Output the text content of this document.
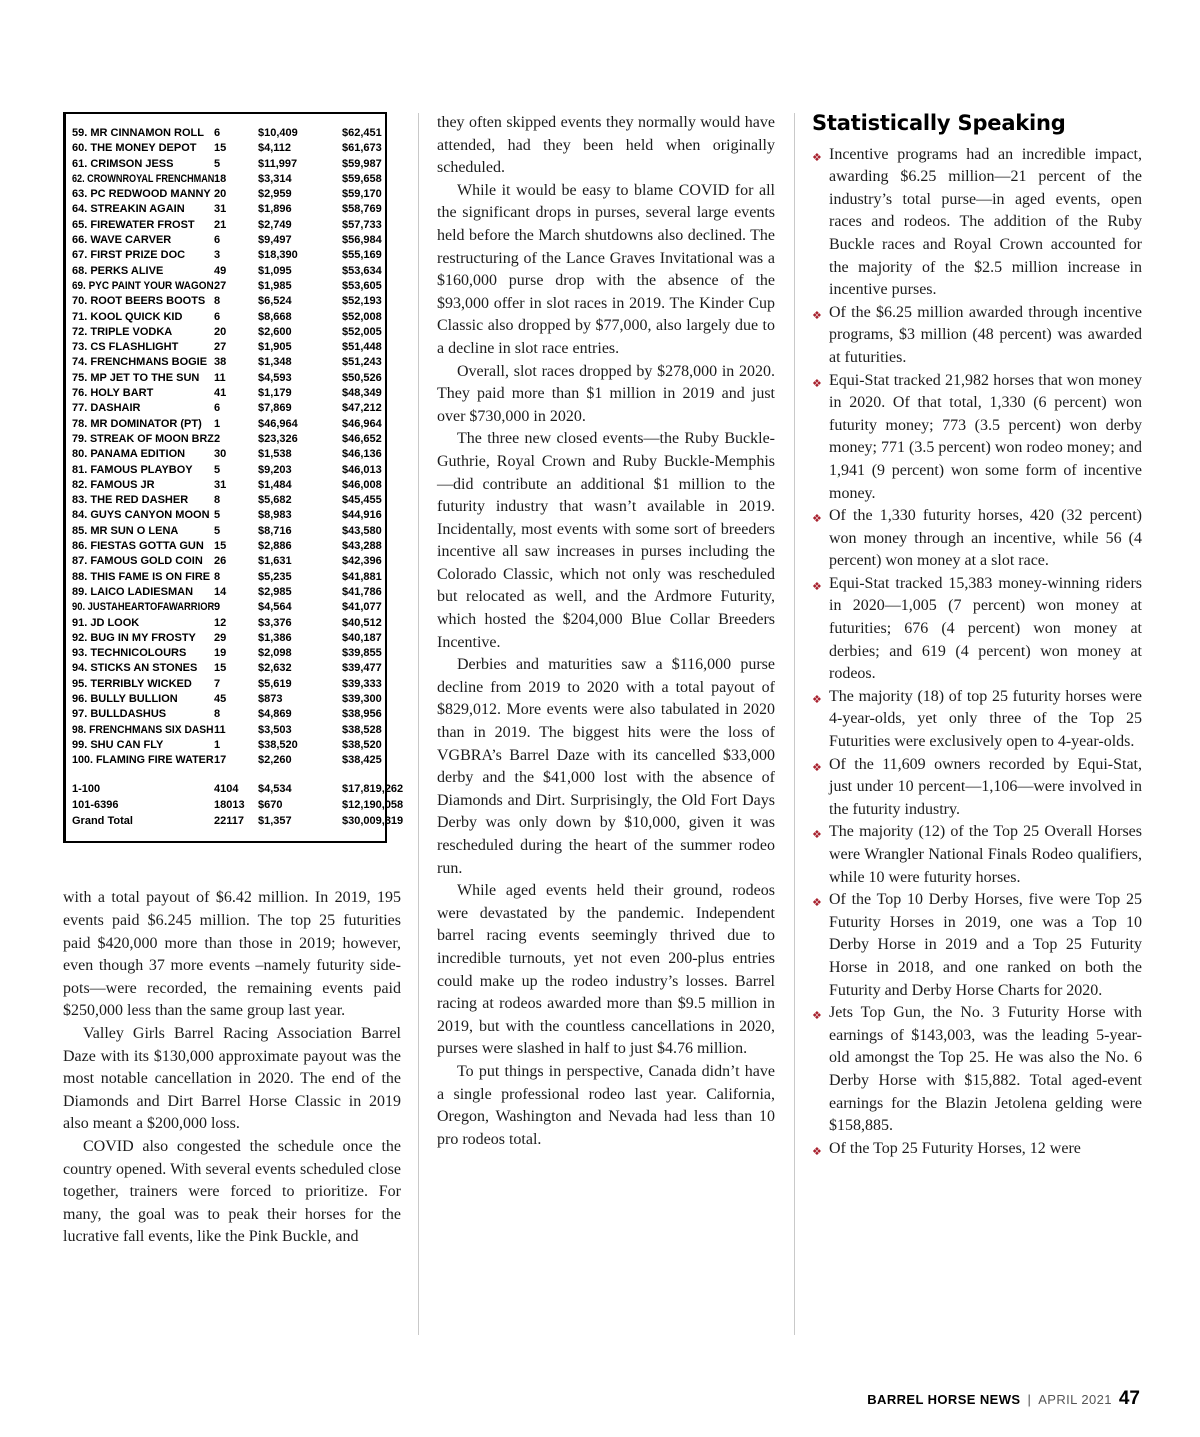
59. MR CINNAMON ROLL 6	$10,409	$62,451
60. THE MONEY DEPOT	15	$4,112	$61,673
61. CRIMSON JESS	5	$11,997	$59,987
62. CROWNROYAL FRENCHMAN 18	$3,314	$59,658
63. PC REDWOOD MANNY 20	$2,959	$59,170
64. STREAKIN AGAIN	31	$1,896	$58,769
65. FIREWATER FROST	21	$2,749	$57,733
66. WAVE CARVER	6	$9,497	$56,984
67. FIRST PRIZE DOC	3	$18,390	$55,169
68. PERKS ALIVE	49	$1,095	$53,634
69. PYC PAINT YOUR WAGON 27	$1,985	$53,605
70. ROOT BEERS BOOTS 8	$6,524	$52,193
71. KOOL QUICK KID	6	$8,668	$52,008
72. TRIPLE VODKA	20	$2,600	$52,005
73. CS FLASHLIGHT	27	$1,905	$51,448
74. FRENCHMANS BOGIE 38	$1,348	$51,243
75. MP JET TO THE SUN	11	$4,593	$50,526
76. HOLY BART	41	$1,179	$48,349
77. DASHAIR	6	$7,869	$47,212
78. MR DOMINATOR (PT)	1	$46,964	$46,964
79. STREAK OF MOON BRZ 2	$23,326	$46,652
80. PANAMA EDITION	30	$1,538	$46,136
81. FAMOUS PLAYBOY	5	$9,203	$46,013
82. FAMOUS JR	31	$1,484	$46,008
83. THE RED DASHER	8	$5,682	$45,455
84. GUYS CANYON MOON 5	$8,983	$44,916
85. MR SUN O LENA	5	$8,716	$43,580
86. FIESTAS GOTTA GUN 15	$2,886	$43,288
87. FAMOUS GOLD COIN	26	$1,631	$42,396
88. THIS FAME IS ON FIRE 8	$5,235	$41,881
89. LAICO LADIESMAN	14	$2,985	$41,786
90. JUSTAHEARTOFAWARRIOR 9	$4,564	$41,077
91. JD LOOK	12	$3,376	$40,512
92. BUG IN MY FROSTY	29	$1,386	$40,187
93. TECHNICOLOURS	19	$2,098	$39,855
94. STICKS AN STONES	15	$2,632	$39,477
95. TERRIBLY WICKED	7	$5,619	$39,333
96. BULLY BULLION	45	$873	$39,300
97. BULLDASHUS	8	$4,869	$38,956
98. FRENCHMANS SIX DASH 11	$3,503	$38,528
99. SHU CAN FLY	1	$38,520	$38,520
100. FLAMING FIRE WATER 17	$2,260	$38,425
1-100	4104	$4,534	$17,819,262
101-6396	18013	$670	$12,190,058
Grand Total	22117	$1,357	$30,009,319

with a total payout of $6.42 million. In 2019, 195 events paid $6.245 million. The top 25 futurities paid $420,000 more than those in 2019; however, even though 37 more events –namely futurity side-pots—were recorded, the remaining events paid $250,000 less than the same group last year.

Valley Girls Barrel Racing Association Barrel Daze with its $130,000 approximate payout was the most notable cancellation in 2020. The end of the Diamonds and Dirt Barrel Horse Classic in 2019 also meant a $200,000 loss.

COVID also congested the schedule once the country opened. With several events scheduled close together, trainers were forced to prioritize. For many, the goal was to peak their horses for the lucrative fall events, like the Pink Buckle, and

they often skipped events they normally would have attended, had they been held when originally scheduled.

While it would be easy to blame COVID for all the significant drops in purses, several large events held before the March shutdowns also declined. The restructuring of the Lance Graves Invitational was a $160,000 purse drop with the absence of the $93,000 offer in slot races in 2019. The Kinder Cup Classic also dropped by $77,000, also largely due to a decline in slot race entries.

Overall, slot races dropped by $278,000 in 2020. They paid more than $1 million in 2019 and just over $730,000 in 2020.

The three new closed events—the Ruby Buckle-Guthrie, Royal Crown and Ruby Buckle-Memphis—did contribute an additional $1 million to the futurity industry that wasn’t available in 2019. Incidentally, most events with some sort of breeders incentive all saw increases in purses including the Colorado Classic, which not only was rescheduled but relocated as well, and the Ardmore Futurity, which hosted the $204,000 Blue Collar Breeders Incentive.

Derbies and maturities saw a $116,000 purse decline from 2019 to 2020 with a total payout of $829,012. More events were also tabulated in 2020 than in 2019. The biggest hits were the loss of VGBRA’s Barrel Daze with its cancelled $33,000 derby and the $41,000 lost with the absence of Diamonds and Dirt. Surprisingly, the Old Fort Days Derby was only down by $10,000, given it was rescheduled during the heart of the summer rodeo run.

While aged events held their ground, rodeos were devastated by the pandemic. Independent barrel racing events seemingly thrived due to incredible turnouts, yet not even 200-plus entries could make up the rodeo industry’s losses. Barrel racing at rodeos awarded more than $9.5 million in 2019, but with the countless cancellations in 2020, purses were slashed in half to just $4.76 million.

To put things in perspective, Canada didn’t have a single professional rodeo last year. California, Oregon, Washington and Nevada had less than 10 pro rodeos total.

Statistically Speaking
❖ Incentive programs had an incredible impact, awarding $6.25 million—21 percent of the industry’s total purse—in aged events, open races and rodeos. The addition of the Ruby Buckle races and Royal Crown accounted for the majority of the $2.5 million increase in incentive purses.
❖ Of the $6.25 million awarded through incentive programs, $3 million (48 percent) was awarded at futurities.
❖ Equi-Stat tracked 21,982 horses that won money in 2020. Of that total, 1,330 (6 percent) won futurity money; 773 (3.5 percent) won derby money; 771 (3.5 percent) won rodeo money; and 1,941 (9 percent) won some form of incentive money.
❖ Of the 1,330 futurity horses, 420 (32 percent) won money through an incentive, while 56 (4 percent) won money at a slot race.
❖ Equi-Stat tracked 15,383 money-winning riders in 2020—1,005 (7 percent) won money at futurities; 676 (4 percent) won money at derbies; and 619 (4 percent) won money at rodeos.
❖ The majority (18) of top 25 futurity horses were 4-year-olds, yet only three of the Top 25 Futurities were exclusively open to 4-year-olds.
❖ Of the 11,609 owners recorded by Equi-Stat, just under 10 percent—1,106—were involved in the futurity industry.
❖ The majority (12) of the Top 25 Overall Horses were Wrangler National Finals Rodeo qualifiers, while 10 were futurity horses.
❖ Of the Top 10 Derby Horses, five were Top 25 Futurity Horses in 2019, one was a Top 10 Derby Horse in 2019 and a Top 25 Futurity Horse in 2018, and one ranked on both the Futurity and Derby Horse Charts for 2020.
❖ Jets Top Gun, the No. 3 Futurity Horse with earnings of $143,003, was the leading 5-year-old amongst the Top 25. He was also the No. 6 Derby Horse with $15,882. Total aged-event earnings for the Blazin Jetolena gelding were $158,885.
❖ Of the Top 25 Futurity Horses, 12 were
BARREL HORSE NEWS | APRIL 2021 47
